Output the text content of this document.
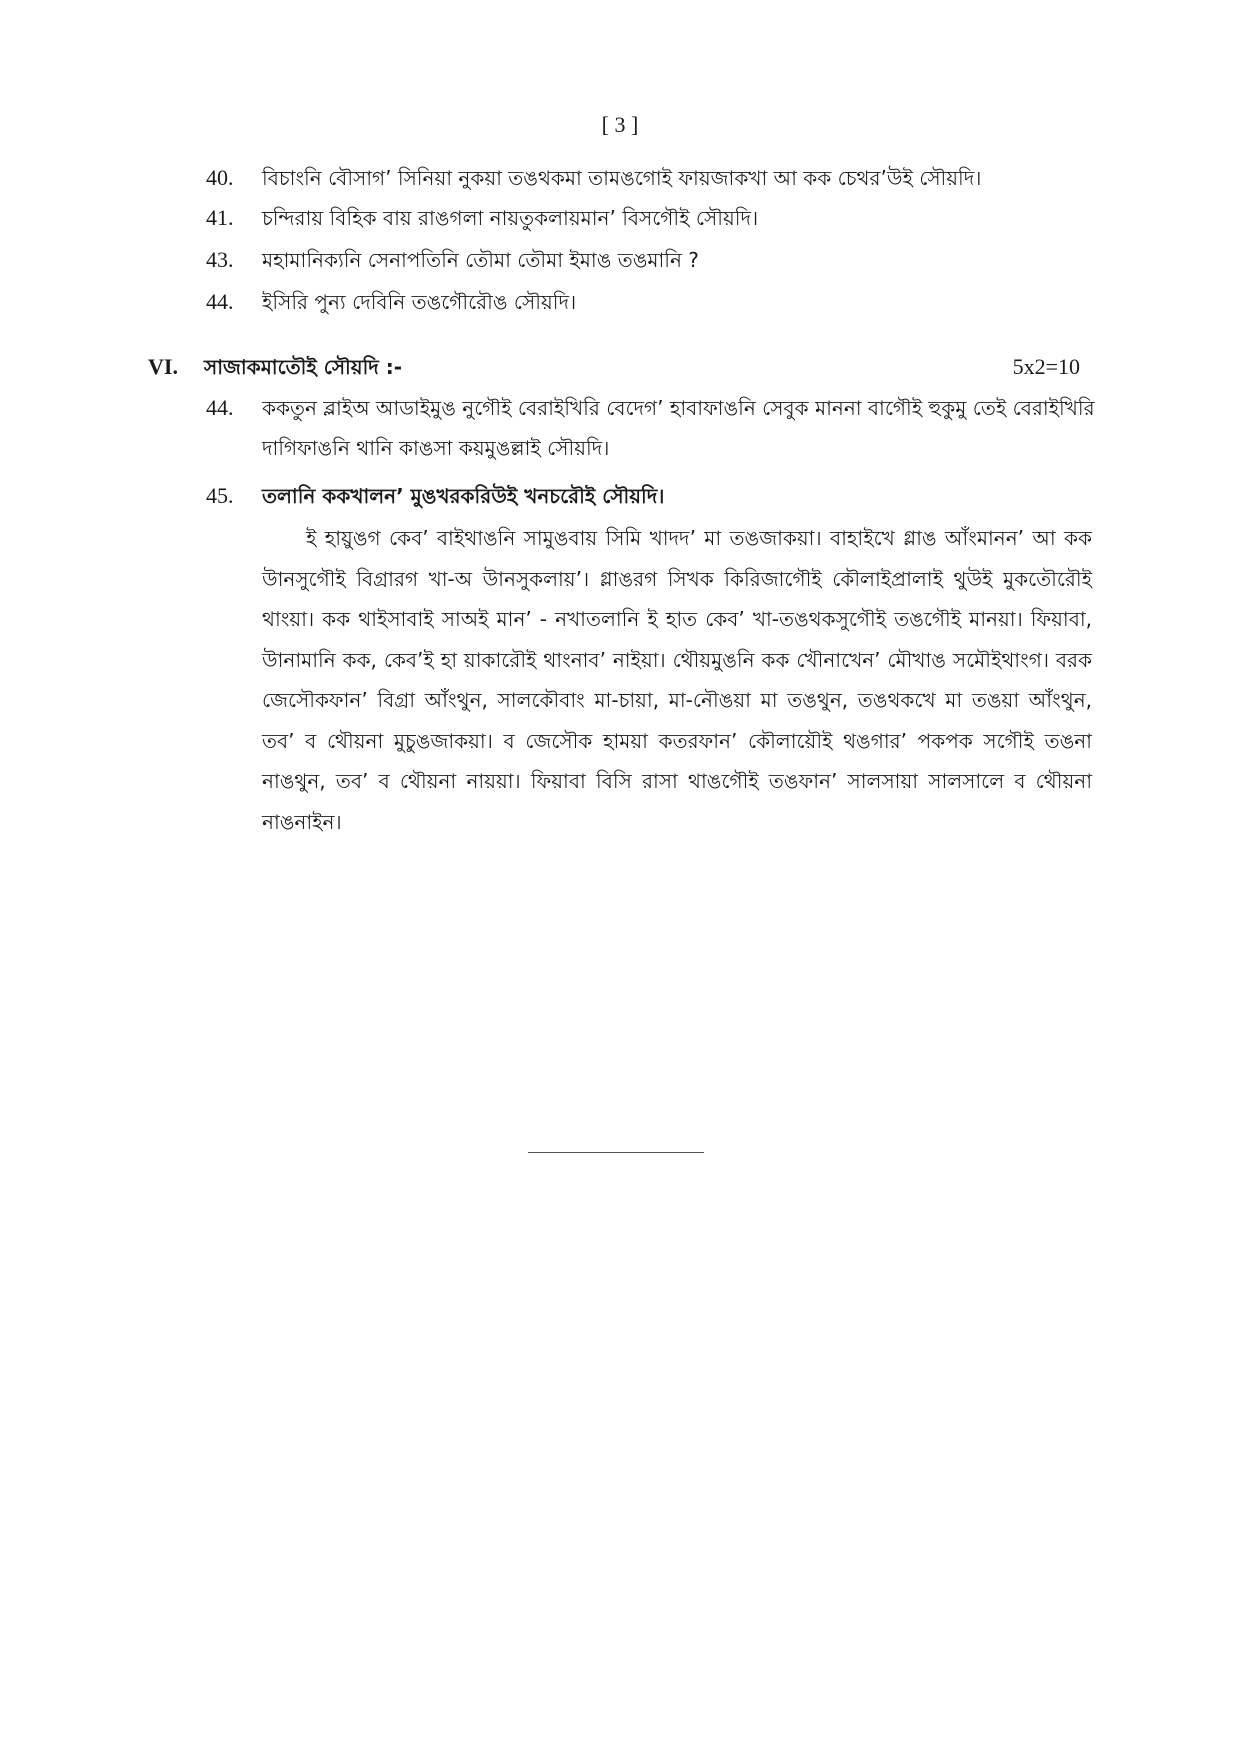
[ 3 ]
40.	বিচাংনি বৌসাগ’ সিনিয়া নুকয়া তঙথকমা তামঙগোই ফায়জাকখা আ কক চেথর’উই সৌয়দি।
41.	চন্দিরায় বিহিক বায় রাঙগলা নায়তুকলায়মান’ বিসগৌই সৌয়দি।
43.	মহামানিক্যনি সেনাপতিনি তৌমা তৌমা ইমাঙ তঙমানি ?
44.	ইসিরি পুন্য দেবিনি তঙগৌরৌঙ সৌয়দি।
VI. সাজাকমাতৌই সৌয়দি :-	5x2=10
44.	ককতুন ব্লাইঅ আডাইমুঙ নুগৌই বেরাইখিরি বেদেগ’ হাবাফাঙনি সেবুক মাননা বাগৌই হুকুমু তেই বেরাইখিরি দাগিফাঙনি থানি কাঙসা কয়মুঙল্লাই সৌয়দি।
45.	তলানি ককখালন’ মুঙখরকরিউই খনচরৌই সৌয়দি।

ই হায়ুঙগ কেব’ বাইথাঙনি সামুঙবায় সিমি খাদদ’ মা তঙজাকয়া। বাহাইখে গ্লাঙ আঁংমানন’ আ কক উানসুগৌই বিগ্রারগ খা-অ উানসুকলায়’। গ্লাঙরগ সিখক কিরিজাগৌই কৌলাইপ্রালাই থুউই মুকতৌরৌই থাংয়া। কক থাইসাবাই সাঅই মান’ - নখাতলানি ই হাত কেব’ খা-তঙথকসুগৌই তঙগৌই মানয়া। ফিয়াবা, উানামানি কক, কেব’ই হা য়াকারৌই থাংনাব’ নাইয়া। থৌয়মুঙনি কক খৌনাখেন’ মৌখাঙ সমৌইথাংগ। বরক জেসৌকফান’ বিগ্রা আঁংথুন, সালকৌবাং মা-চায়া, মা-নৌঙয়া মা তঙথুন, তঙথকখে মা তঙয়া আঁংথুন, তব’ ব থৌয়না মুচুঙজাকয়া। ব জেসৌক হাময়া কতরফান’ কৌলায়ৌই থঙগার’ পকপক সগৌই তঙনা নাঙথুন, তব’ ব থৌয়না নায়য়া। ফিয়াবা বিসি রাসা থাঙগৌই তঙফান’ সালসায়া সালসালে ব থৌয়না নাঙনাইন।
